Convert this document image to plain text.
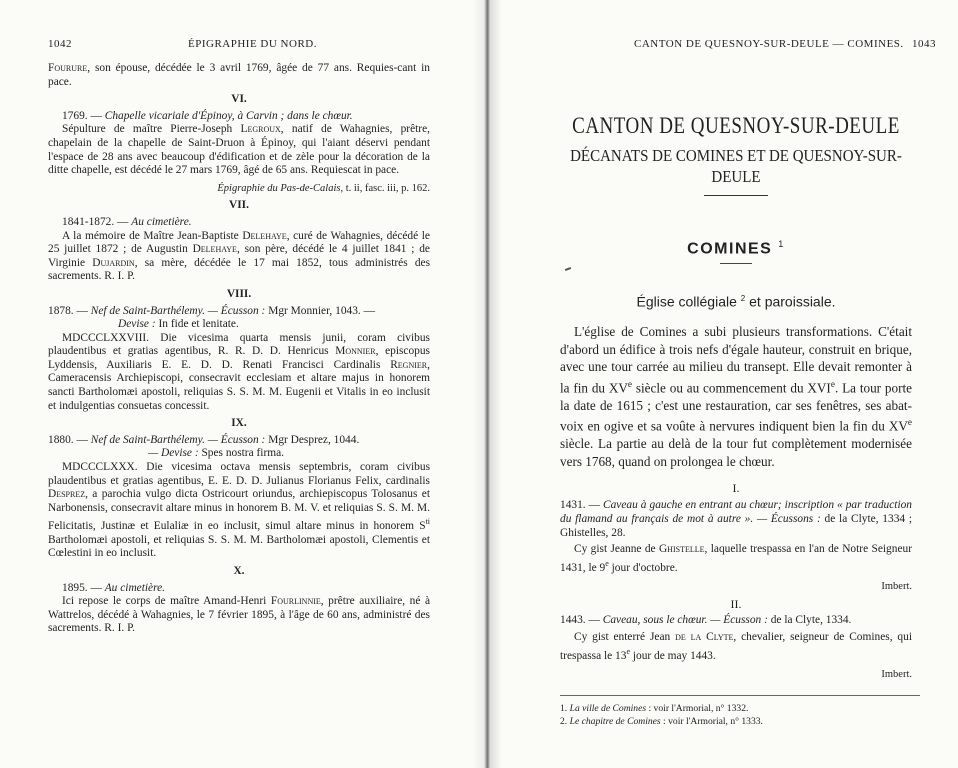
1042	ÉPIGRAPHIE DU NORD.

Fourure, son épouse, décédée le 3 avril 1769, âgée de 77 ans. Requies-cant in pace.

VI.

1769. — Chapelle vicariale d'Épinoy, à Carvin ; dans le chœur.

Sépulture de maître Pierre-Joseph Legroux, natif de Wahagnies, prêtre, chapelain de la chapelle de Saint-Druon à Épinoy, qui l'aiant déservi pendant l'espace de 28 ans avec beaucoup d'édification et de zèle pour la décoration de la ditte chapelle, est décédé le 27 mars 1769, âgé de 65 ans. Requiescat in pace.

Épigraphie du Pas-de-Calais, t. ii, fasc. iii, p. 162.

VII.

1841-1872. — Au cimetière.

A la mémoire de Maître Jean-Baptiste Delehaye, curé de Wahagnies, décédé le 25 juillet 1872 ; de Augustin Delehaye, son père, décédé le 4 juillet 1841 ; de Virginie Dujardin, sa mère, décédée le 17 mai 1852, tous administrés des sacrements. R. I. P.

VIII.

1878. — Nef de Saint-Barthélemy. — Écusson : Mgr Monnier, 1043. —
Devise : In fide et lenitate.

MDCCCLXXVIII. Die vicesima quarta mensis junii, coram civibus plaudentibus et gratias agentibus, R. R. D. D. Henricus Monnier, episcopus Lyddensis, Auxiliaris E. E. D. D. Renati Francisci Cardinalis Regnier, Cameracensis Archiepiscopi, consecravit ecclesiam et altare majus in honorem sancti Bartholomæi apostoli, reliquias S. S. M. M. Eugenii et Vitalis in eo inclusit et indulgentias consuetas concessit.

IX.

1880. — Nef de Saint-Barthélemy. — Écusson : Mgr Desprez, 1044.
— Devise : Spes nostra firma.

MDCCCLXXX. Die vicesima octava mensis septembris, coram civibus plaudentibus et gratias agentibus, E. E. D. D. Julianus Florianus Felix, cardinalis Desprez, a parochia vulgo dicta Ostricourt oriundus, archiepiscopus Tolosanus et Narbonensis, consecravit altare minus in honorem B. M. V. et reliquias S. S. M. M. Felicitatis, Justinæ et Eulaliæ in eo inclusit, simul altare minus in honorem $S^{ti}$ Bartholomæi apostoli, et reliquias S. S. M. M. Bartholomæi apostoli, Clementis et Cœlestini in eo inclusit.

X.

1895. — Au cimetière.

Ici repose le corps de maître Amand-Henri Fourlinnie, prêtre auxiliaire, né à Wattrelos, décédé à Wahagnies, le 7 février 1895, à l'âge de 60 ans, administré des sacrements. R. I. P.

CANTON DE QUESNOY-SUR-DEULE — COMINES. 1043
CANTON DE QUESNOY-SUR-DEULE
DÉCANATS DE COMINES ET DE QUESNOY-SUR-DEULE
COMINES $^1$
Église collégiale $^2$ et paroissiale.

L'église de Comines a subi plusieurs transformations. C'était d'abord un édifice à trois nefs d'égale hauteur, construit en brique, avec une tour carrée au milieu du transept. Elle devait remonter à la fin du XVe siècle ou au commencement du XVIe. La tour porte la date de 1615 ; c'est une restauration, car ses fenêtres, ses abat-voix en ogive et sa voûte à nervures indiquent bien la fin du XVe siècle. La partie au delà de la tour fut complètement modernisée vers 1768, quand on prolongea le chœur.

I.

1431. — Caveau à gauche en entrant au chœur; inscription « par traduction du flamand au français de mot à autre ». — Écussons : de la Clyte, 1334 ; Ghistelles, 28.

Cy gist Jeanne de Ghistelle, laquelle trespassa en l'an de Notre Seigneur 1431, le 9e jour d'octobre.

Imbert.

II.

1443. — Caveau, sous le chœur. — Écusson : de la Clyte, 1334.

Cy gist enterré Jean de la Clyte, chevalier, seigneur de Comines, qui trespassa le 13e jour de may 1443.

Imbert.

1. La ville de Comines : voir l'Armorial, n° 1332.
2. Le chapitre de Comines : voir l'Armorial, n° 1333.
